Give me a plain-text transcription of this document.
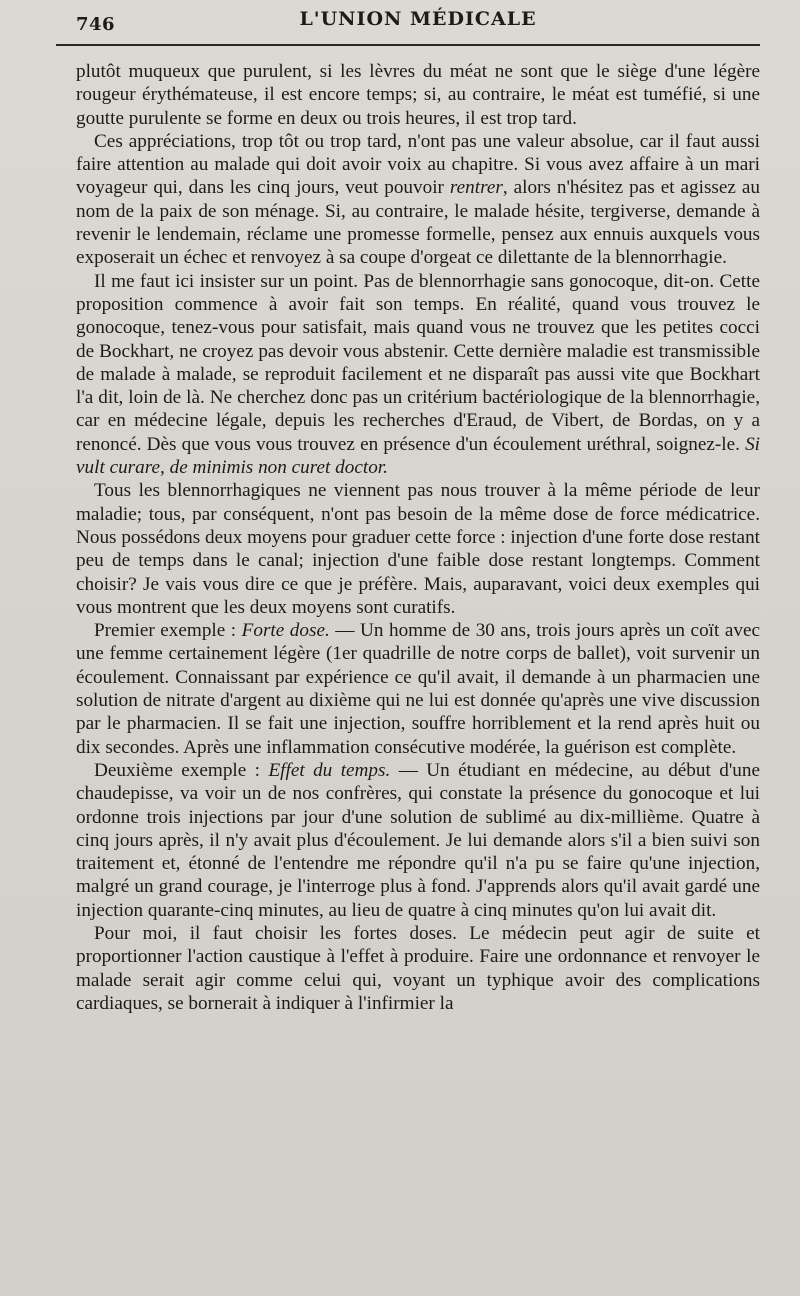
746	L'UNION MÉDICALE

plutôt muqueux que purulent, si les lèvres du méat ne sont que le siège d'une légère rougeur érythémateuse, il est encore temps; si, au contraire, le méat est tuméfié, si une goutte purulente se forme en deux ou trois heures, il est trop tard.

Ces appréciations, trop tôt ou trop tard, n'ont pas une valeur absolue, car il faut aussi faire attention au malade qui doit avoir voix au chapitre. Si vous avez affaire à un mari voyageur qui, dans les cinq jours, veut pouvoir rentrer, alors n'hésitez pas et agissez au nom de la paix de son ménage. Si, au contraire, le malade hésite, tergiverse, demande à revenir le lendemain, réclame une promesse formelle, pensez aux ennuis auxquels vous exposerait un échec et renvoyez à sa coupe d'orgeat ce dilettante de la blennorrhagie.

Il me faut ici insister sur un point. Pas de blennorrhagie sans gonocoque, dit-on. Cette proposition commence à avoir fait son temps. En réalité, quand vous trouvez le gonocoque, tenez-vous pour satisfait, mais quand vous ne trouvez que les petites cocci de Bockhart, ne croyez pas devoir vous abstenir. Cette dernière maladie est transmissible de malade à malade, se reproduit facilement et ne disparaît pas aussi vite que Bockhart l'a dit, loin de là. Ne cherchez donc pas un critérium bactériologique de la blennorrhagie, car en médecine légale, depuis les recherches d'Eraud, de Vibert, de Bordas, on y a renoncé. Dès que vous vous trouvez en présence d'un écoulement uréthral, soignez-le. Si vult curare, de minimis non curet doctor.

Tous les blennorrhagiques ne viennent pas nous trouver à la même période de leur maladie; tous, par conséquent, n'ont pas besoin de la même dose de force médicatrice. Nous possédons deux moyens pour graduer cette force : injection d'une forte dose restant peu de temps dans le canal; injection d'une faible dose restant longtemps. Comment choisir? Je vais vous dire ce que je préfère. Mais, auparavant, voici deux exemples qui vous montrent que les deux moyens sont curatifs.

Premier exemple : Forte dose. — Un homme de 30 ans, trois jours après un coït avec une femme certainement légère (1er quadrille de notre corps de ballet), voit survenir un écoulement. Connaissant par expérience ce qu'il avait, il demande à un pharmacien une solution de nitrate d'argent au dixième qui ne lui est donnée qu'après une vive discussion par le pharmacien. Il se fait une injection, souffre horriblement et la rend après huit ou dix secondes. Après une inflammation consécutive modérée, la guérison est complète.

Deuxième exemple : Effet du temps. — Un étudiant en médecine, au début d'une chaudepisse, va voir un de nos confrères, qui constate la présence du gonocoque et lui ordonne trois injections par jour d'une solution de sublimé au dix-millième. Quatre à cinq jours après, il n'y avait plus d'écoulement. Je lui demande alors s'il a bien suivi son traitement et, étonné de l'entendre me répondre qu'il n'a pu se faire qu'une injection, malgré un grand courage, je l'interroge plus à fond. J'apprends alors qu'il avait gardé une injection quarante-cinq minutes, au lieu de quatre à cinq minutes qu'on lui avait dit.

Pour moi, il faut choisir les fortes doses. Le médecin peut agir de suite et proportionner l'action caustique à l'effet à produire. Faire une ordonnance et renvoyer le malade serait agir comme celui qui, voyant un typhique avoir des complications cardiaques, se bornerait à indiquer à l'infirmier la
